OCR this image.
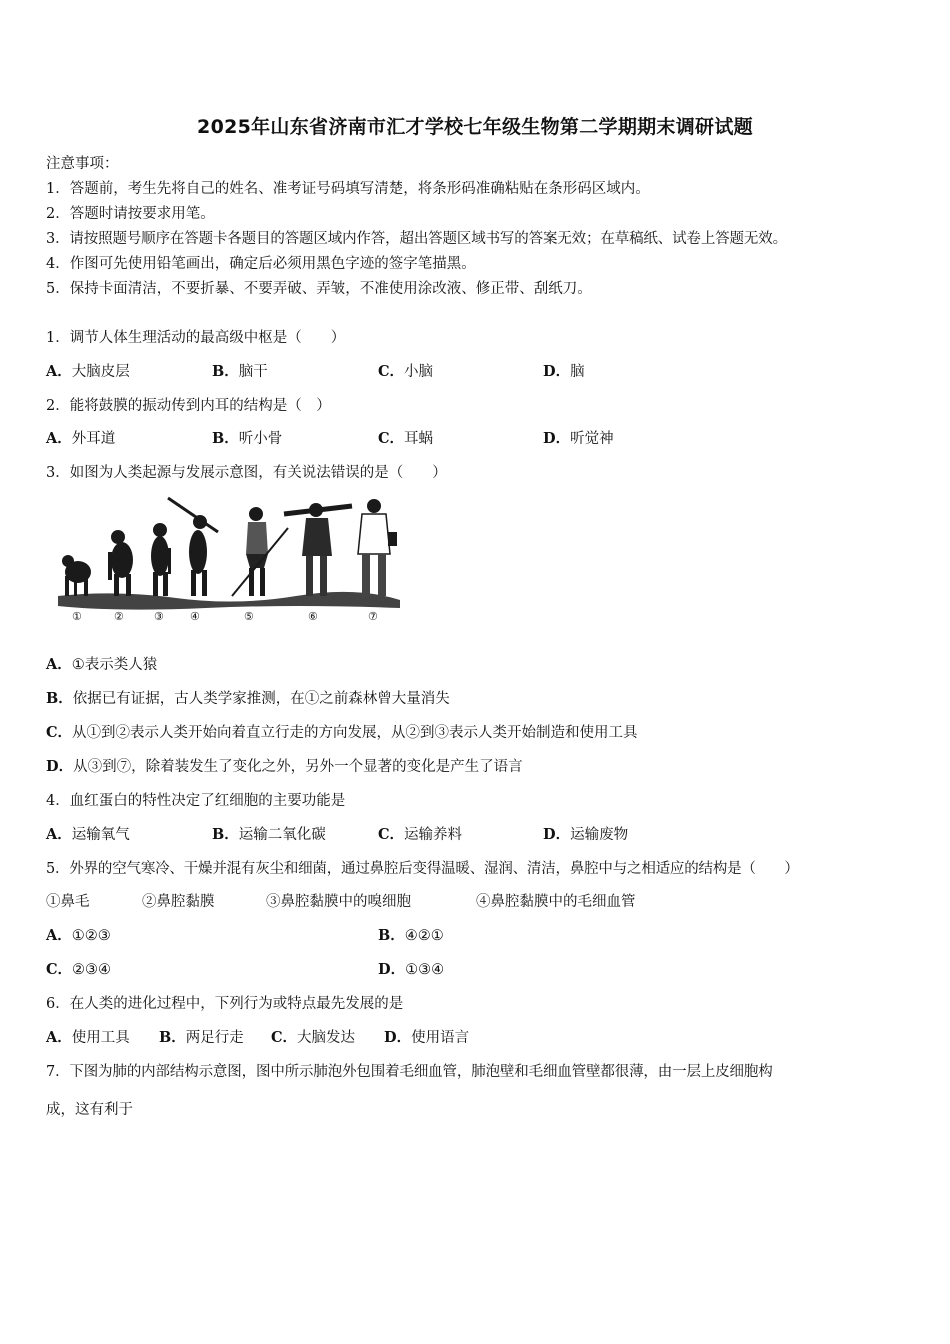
2025年山东省济南市汇才学校七年级生物第二学期期末调研试题
注意事项：
1．答题前，考生先将自己的姓名、准考证号码填写清楚，将条形码准确粘贴在条形码区域内。
2．答题时请按要求用笔。
3．请按照题号顺序在答题卡各题目的答题区域内作答，超出答题区域书写的答案无效；在草稿纸、试卷上答题无效。
4．作图可先使用铅笔画出，确定后必须用黑色字迹的签字笔描黑。
5．保持卡面清洁，不要折暴、不要弄破、弄皱，不准使用涂改液、修正带、刮纸刀。
1．调节人体生理活动的最高级中枢是（　　）
A．大脑皮层	B．脑干	C．小脑	D．脑
2．能将鼓膜的振动传到内耳的结构是（　）
A．外耳道	B．听小骨	C．耳蜗	D．听觉神
3．如图为人类起源与发展示意图，有关说法错误的是（　　）
①	②	③ ④	⑤	⑥	⑦
A．①表示类人猿
B．依据已有证据，古人类学家推测，在①之前森林曾大量消失
C．从①到②表示人类开始向着直立行走的方向发展，从②到③表示人类开始制造和使用工具
D．从③到⑦，除着装发生了变化之外，另外一个显著的变化是产生了语言
4．血红蛋白的特性决定了红细胞的主要功能是
A．运输氧气	B．运输二氧化碳	C．运输养料	D．运输废物
5．外界的空气寒冷、干燥并混有灰尘和细菌，通过鼻腔后变得温暖、湿润、清洁，鼻腔中与之相适应的结构是（　　）
①鼻毛	②鼻腔黏膜	③鼻腔黏膜中的嗅细胞	④鼻腔黏膜中的毛细血管
A．①②③	B．④②①
C．②③④	D．①③④
6．在人类的进化过程中，下列行为或特点最先发展的是
A．使用工具 B．两足行走 C．大脑发达 D．使用语言
7．下图为肺的内部结构示意图，图中所示肺泡外包围着毛细血管，肺泡壁和毛细血管壁都很薄，由一层上皮细胞构
成，这有利于
